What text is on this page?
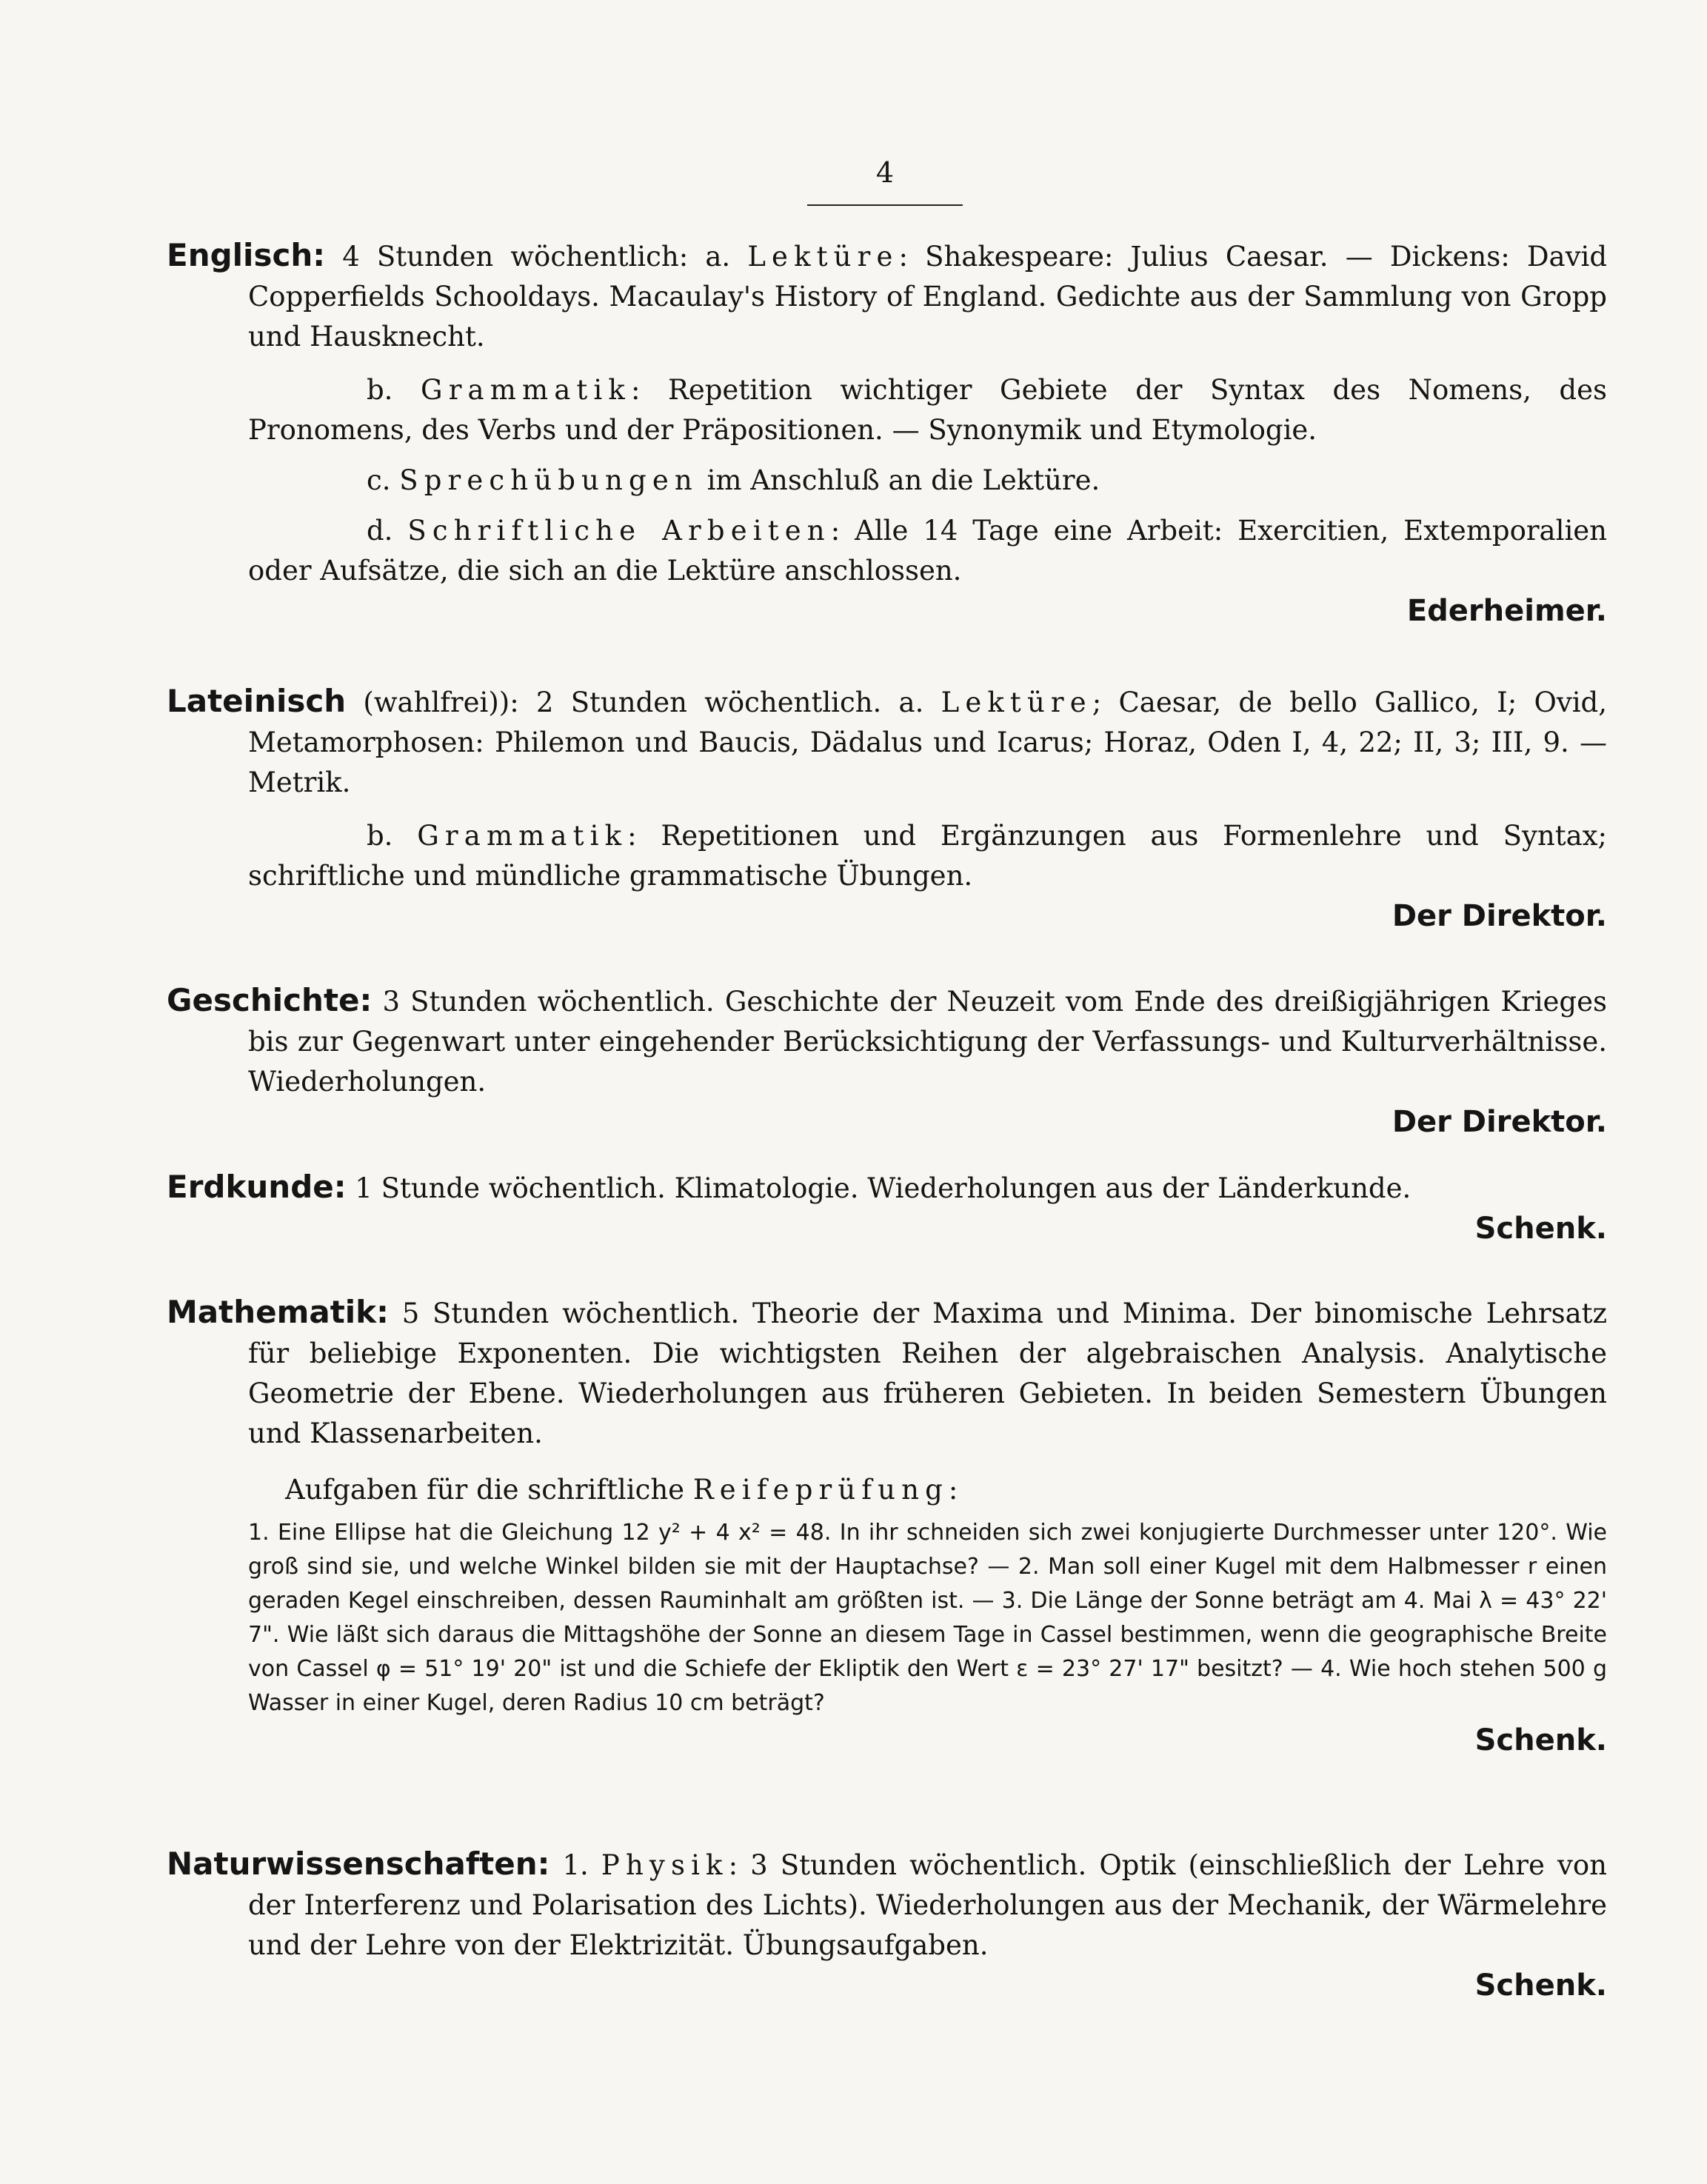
4

Englisch: 4 Stunden wöchentlich: a. Lektüre: Shakespeare: Julius Caesar. — Dickens: David Copperfields Schooldays. Macaulay's History of England. Gedichte aus der Sammlung von Gropp und Hausknecht.

b. Grammatik: Repetition wichtiger Gebiete der Syntax des Nomens, des Pronomens, des Verbs und der Präpositionen. — Synonymik und Etymologie.

c. Sprechübungen im Anschluß an die Lektüre.

d. Schriftliche Arbeiten: Alle 14 Tage eine Arbeit: Exercitien, Extemporalien oder Aufsätze, die sich an die Lektüre anschlossen.

Ederheimer.

Lateinisch (wahlfrei)): 2 Stunden wöchentlich. a. Lektüre; Caesar, de bello Gallico, I; Ovid, Metamorphosen: Philemon und Baucis, Dädalus und Icarus; Horaz, Oden I, 4, 22; II, 3; III, 9. — Metrik.

b. Grammatik: Repetitionen und Ergänzungen aus Formenlehre und Syntax; schriftliche und mündliche grammatische Übungen.

Der Direktor.

Geschichte: 3 Stunden wöchentlich. Geschichte der Neuzeit vom Ende des dreißigjährigen Krieges bis zur Gegenwart unter eingehender Berücksichtigung der Verfassungs- und Kulturverhältnisse. Wiederholungen.

Der Direktor.

Erdkunde: 1 Stunde wöchentlich. Klimatologie. Wiederholungen aus der Länderkunde.

Schenk.

Mathematik: 5 Stunden wöchentlich. Theorie der Maxima und Minima. Der binomische Lehrsatz für beliebige Exponenten. Die wichtigsten Reihen der algebraischen Analysis. Analytische Geometrie der Ebene. Wiederholungen aus früheren Gebieten. In beiden Semestern Übungen und Klassenarbeiten.

Aufgaben für die schriftliche Reifeprüfung:

1. Eine Ellipse hat die Gleichung 12 y² + 4 x² = 48. In ihr schneiden sich zwei konjugierte Durchmesser unter 120°. Wie groß sind sie, und welche Winkel bilden sie mit der Hauptachse? — 2. Man soll einer Kugel mit dem Halbmesser r einen geraden Kegel einschreiben, dessen Rauminhalt am größten ist. — 3. Die Länge der Sonne beträgt am 4. Mai λ = 43° 22' 7". Wie läßt sich daraus die Mittagshöhe der Sonne an diesem Tage in Cassel bestimmen, wenn die geographische Breite von Cassel φ = 51° 19' 20" ist und die Schiefe der Ekliptik den Wert ε = 23° 27' 17" besitzt? — 4. Wie hoch stehen 500 g Wasser in einer Kugel, deren Radius 10 cm beträgt?

Schenk.

Naturwissenschaften: 1. Physik: 3 Stunden wöchentlich. Optik (einschließlich der Lehre von der Interferenz und Polarisation des Lichts). Wiederholungen aus der Mechanik, der Wärmelehre und der Lehre von der Elektrizität. Übungsaufgaben.

Schenk.
